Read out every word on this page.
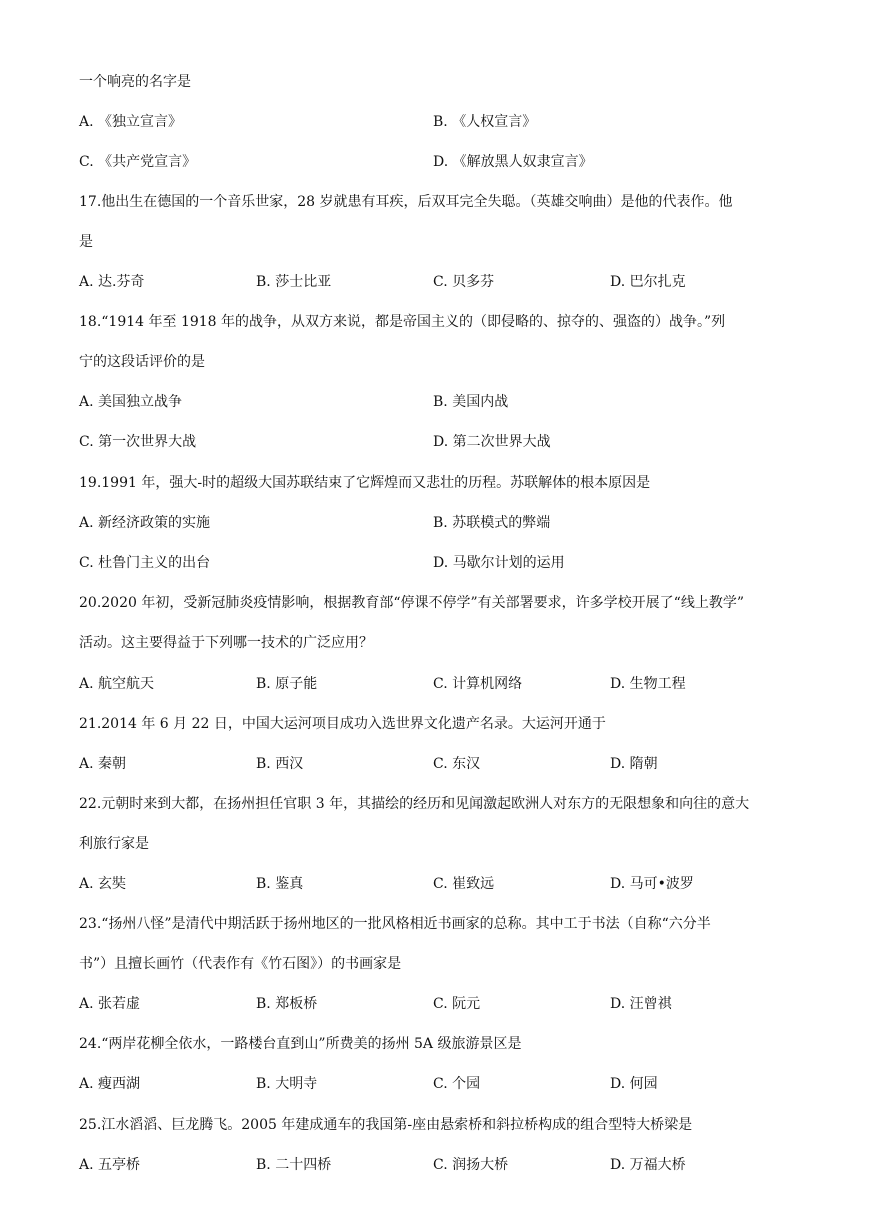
一个响亮的名字是
A. 《独立宣言》	B. 《人权宣言》
C. 《共产党宣言》	D. 《解放黑人奴隶宣言》
17.他出生在德国的一个音乐世家，28 岁就患有耳疾，后双耳完全失聪。（英雄交响曲）是他的代表作。他
是
A. 达.芬奇	B. 莎士比亚	C. 贝多芬	D. 巴尔扎克
18.“1914 年至 1918 年的战争，从双方来说，都是帝国主义的（即侵略的、掠夺的、强盗的）战争。”列
宁的这段话评价的是
A. 美国独立战争	B. 美国内战
C. 第一次世界大战	D. 第二次世界大战
19.1991 年，强大-时的超级大国苏联结束了它辉煌而又悲壮的历程。苏联解体的根本原因是
A. 新经济政策的实施	B. 苏联模式的弊端
C. 杜鲁门主义的出台	D. 马歇尔计划的运用
20.2020 年初，受新冠肺炎疫情影响，根据教育部“停课不停学”有关部署要求，许多学校开展了“线上教学”
活动。这主要得益于下列哪一技术的广泛应用？
A. 航空航天	B. 原子能	C. 计算机网络	D. 生物工程
21.2014 年 6 月 22 日，中国大运河项目成功入选世界文化遗产名录。大运河开通于
A. 秦朝	B. 西汉	C. 东汉	D. 隋朝
22.元朝时来到大都，在扬州担任官职 3 年，其描绘的经历和见闻激起欧洲人对东方的无限想象和向往的意大
利旅行家是
A. 玄奘	B. 鉴真	C. 崔致远	D. 马可•波罗
23.“扬州八怪”是清代中期活跃于扬州地区的一批风格相近书画家的总称。其中工于书法（自称“六分半
书”）且擅长画竹（代表作有《竹石图》）的书画家是
A. 张若虚	B. 郑板桥	C. 阮元	D. 汪曾祺
24.“两岸花柳全依水，一路楼台直到山”所费美的扬州 5A 级旅游景区是
A. 瘦西湖	B. 大明寺	C. 个园	D. 何园
25.江水滔滔、巨龙腾飞。2005 年建成通车的我国第-座由悬索桥和斜拉桥构成的组合型特大桥梁是
A. 五亭桥	B. 二十四桥	C. 润扬大桥	D. 万福大桥
